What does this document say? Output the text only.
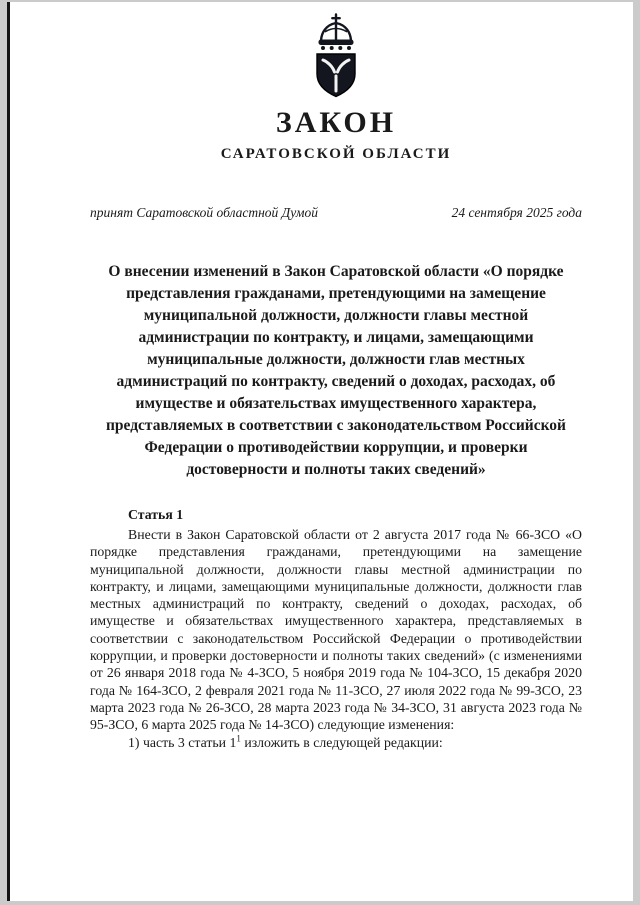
ЗАКОН
САРАТОВСКОЙ ОБЛАСТИ
принят Саратовской областной Думой	24 сентября 2025 года
О внесении изменений в Закон Саратовской области «О порядке представления гражданами, претендующими на замещение муниципальной должности, должности главы местной администрации по контракту, и лицами, замещающими муниципальные должности, должности глав местных администраций по контракту, сведений о доходах, расходах, об имуществе и обязательствах имущественного характера, представляемых в соответствии с законодательством Российской Федерации о противодействии коррупции, и проверки достоверности и полноты таких сведений»
Статья 1

Внести в Закон Саратовской области от 2 августа 2017 года № 66-ЗСО «О порядке представления гражданами, претендующими на замещение муниципальной должности, должности главы местной администрации по контракту, и лицами, замещающими муниципальные должности, должности глав местных администраций по контракту, сведений о доходах, расходах, об имуществе и обязательствах имущественного характера, представляемых в соответствии с законодательством Российской Федерации о противодействии коррупции, и проверки достоверности и полноты таких сведений» (с изменениями от 26 января 2018 года № 4-ЗСО, 5 ноября 2019 года № 104-ЗСО, 15 декабря 2020 года № 164-ЗСО, 2 февраля 2021 года № 11-ЗСО, 27 июля 2022 года № 99-ЗСО, 23 марта 2023 года № 26-ЗСО, 28 марта 2023 года № 34-ЗСО, 31 августа 2023 года № 95-ЗСО, 6 марта 2025 года № 14-ЗСО) следующие изменения:

1) часть 3 статьи $1^1$ изложить в следующей редакции:
